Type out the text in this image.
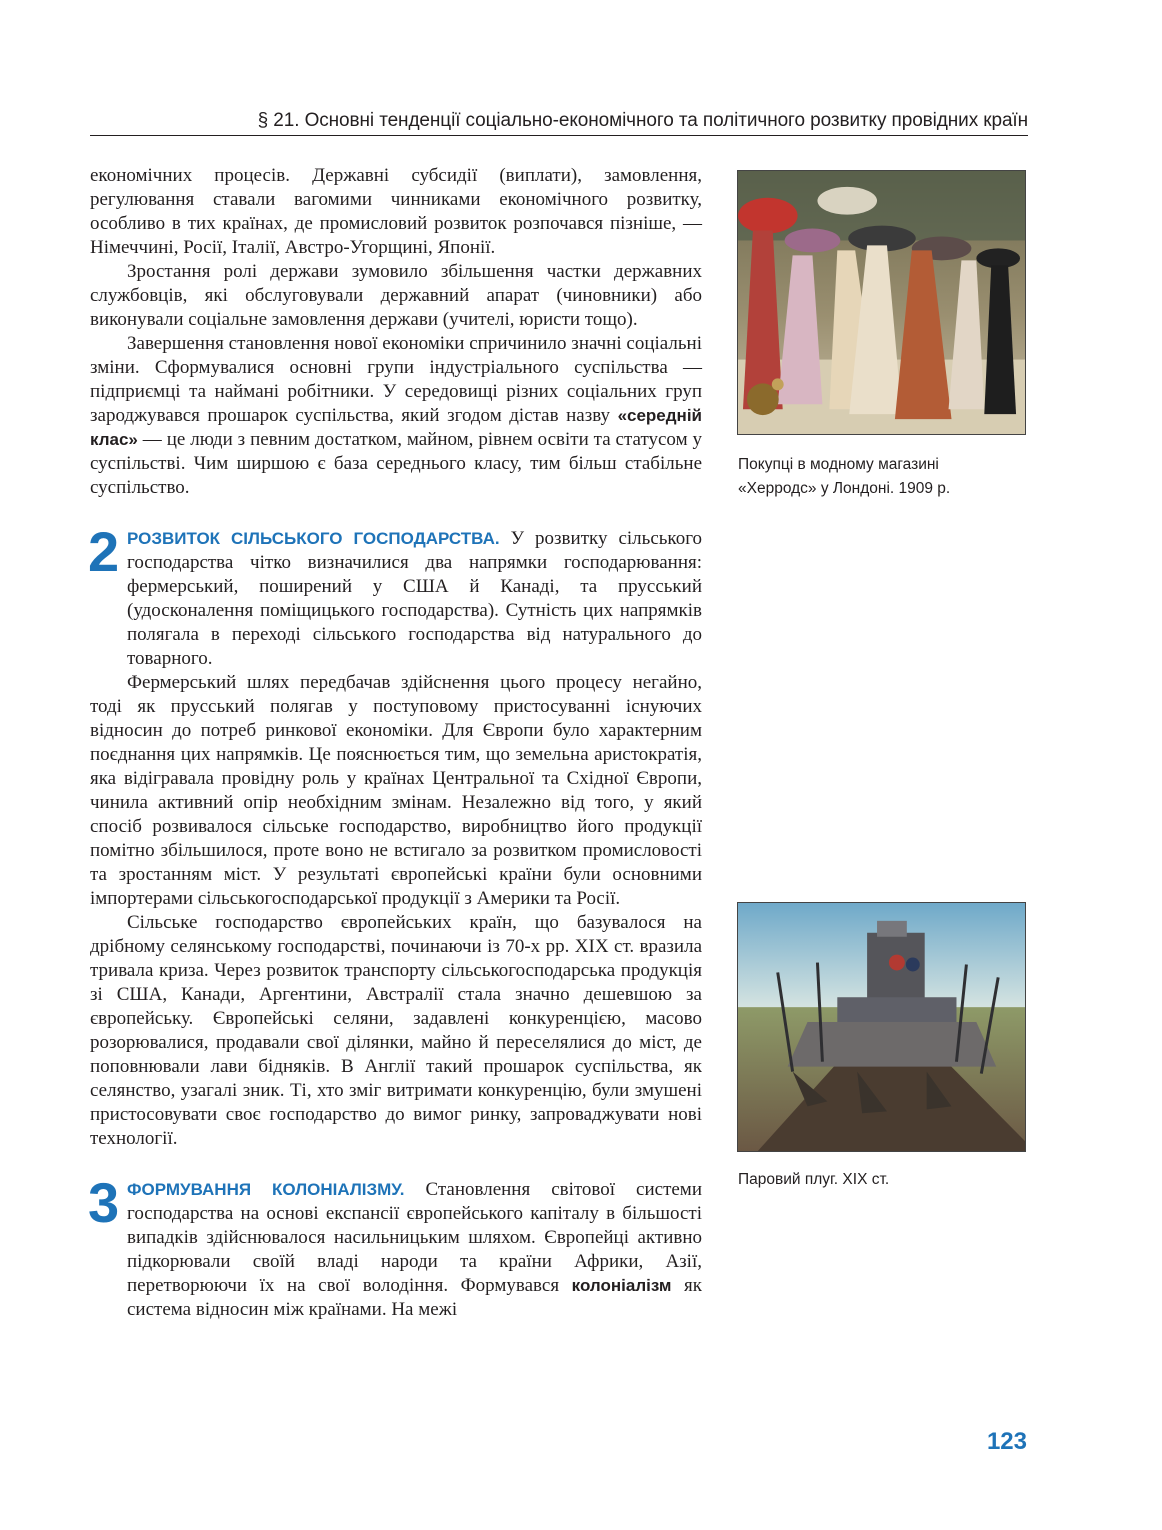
§ 21. Основні тенденції соціально-економічного та політичного розвитку провідних країн

економічних процесів. Державні субсидії (виплати), замовлення, регулювання ставали вагомими чинниками економічного розвитку, особливо в тих країнах, де промисловий розвиток розпочався пізніше, — Німеччині, Росії, Італії, Австро-Угорщині, Японії.

Зростання ролі держави зумовило збільшення частки державних службовців, які обслуговували державний апарат (чиновники) або виконували соціальне замовлення держави (учителі, юристи тощо).

Завершення становлення нової економіки спричинило значні соціальні зміни. Сформувалися основні групи індустріального суспільства — підприємці та наймані робітники. У середовищі різних соціальних груп зароджувався прошарок суспільства, який згодом дістав назву «середній клас» — це люди з певним достатком, майном, рівнем освіти та статусом у суспільстві. Чим ширшою є база середнього класу, тим більш стабільне суспільство.

2 РОЗВИТОК СІЛЬСЬКОГО ГОСПОДАРСТВА. У розвитку сільського господарства чітко визначилися два напрямки господарювання: фермерський, поширений у США й Канаді, та прусський (удосконалення поміщицького господарства). Сутність цих напрямків полягала в переході сільського господарства від натурального до товарного.

Фермерський шлях передбачав здійснення цього процесу негайно, тоді як прусський полягав у поступовому пристосуванні існуючих відносин до потреб ринкової економіки. Для Європи було характерним поєднання цих напрямків. Це пояснюється тим, що земельна аристократія, яка відігравала провідну роль у країнах Центральної та Східної Європи, чинила активний опір необхідним змінам. Незалежно від того, у який спосіб розвивалося сільське господарство, виробництво його продукції помітно збільшилося, проте воно не встигало за розвитком промисловості та зростанням міст. У результаті європейські країни були основними імпортерами сільськогосподарської продукції з Америки та Росії.

Сільське господарство європейських країн, що базувалося на дрібному селянському господарстві, починаючи із 70-х рр. XIX ст. вразила тривала криза. Через розвиток транспорту сільськогосподарська продукція зі США, Канади, Аргентини, Австралії стала значно дешевшою за європейську. Європейські селяни, задавлені конкуренцією, масово розорювалися, продавали свої ділянки, майно й переселялися до міст, де поповнювали лави бідняків. В Англії такий прошарок суспільства, як селянство, узагалі зник. Ті, хто зміг витримати конкуренцію, були змушені пристосовувати своє господарство до вимог ринку, запроваджувати нові технології.

3 ФОРМУВАННЯ КОЛОНІАЛІЗМУ. Становлення світової системи господарства на основі експансії європейського капіталу в більшості випадків здійснювалося насильницьким шляхом. Європейці активно підкорювали своїй владі народи та країни Африки, Азії, перетворюючи їх на свої володіння. Формувався колоніалізм як система відносин між країнами. На межі

Покупці в модному магазині
«Херродс» у Лондоні. 1909 р.
Паровий плуг. XIX ст.
123
